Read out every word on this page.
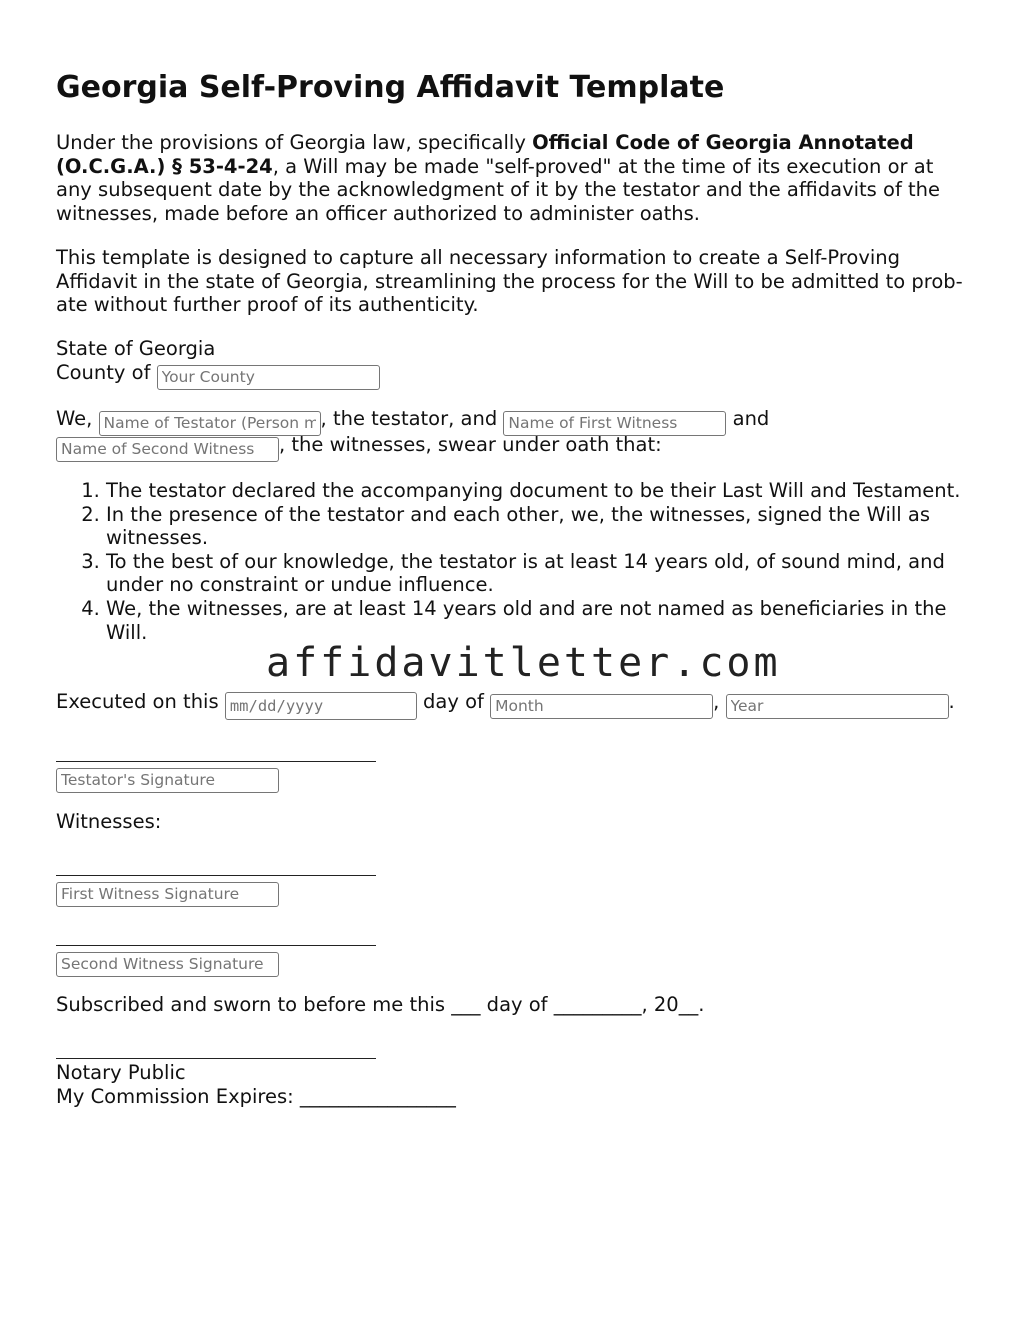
Georgia Self-Proving Affidavit Template

Under the provisions of Georgia law, specifically Official Code of Georgia Annotated (O.C.G.A.) § 53-4-24, a Will may be made "self-proved" at the time of its execution or at any subsequent date by the acknowledgment of it by the testator and the affidavits of the witnesses, made before an officer authorized to administer oaths.

This template is designed to capture all necessary information to create a Self-Proving Affidavit in the state of Georgia, streamlining the process for the Will to be admitted to prob-ate without further proof of its authenticity.

State of Georgia
County of Your County
We, Name of Testator (Person making the Will)	, the testator, and Name of First Witness	and
Name of Second Witness, the witnesses, swear under oath that:
1. The testator declared the accompanying document to be their Last Will and Testament.
2. In the presence of the testator and each other, we, the witnesses, signed the Will as witnesses.
3. To the best of our knowledge, the testator is at least 14 years old, of sound mind, and under no constraint or undue influence.
4. We, the witnesses, are at least 14 years old and are not named as beneficiaries in the Will.
Executed on this mm/dd/yyyy	day of Month	, Year	.
Testator's Signature
Witnesses:
First Witness Signature
Second Witness Signature
Subscribed and sworn to before me this ___ day of _________, 20__.
Notary Public
My Commission Expires: ________________
affidavitletter.com
